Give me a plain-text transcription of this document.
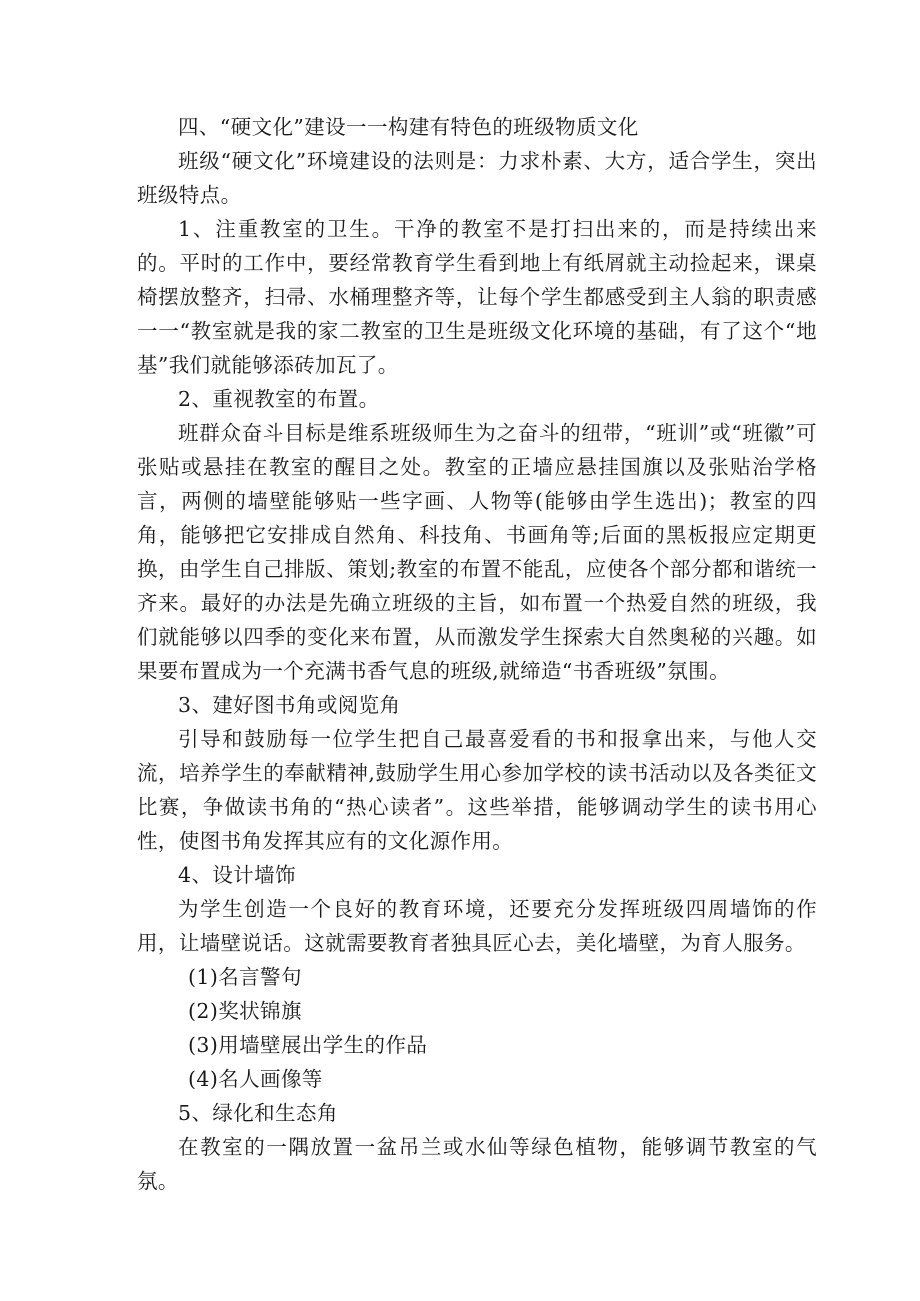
四、“硬文化”建设一一构建有特色的班级物质文化

班级“硬文化”环境建设的法则是：力求朴素、大方，适合学生，突出班级特点。

1、注重教室的卫生。干净的教室不是打扫出来的，而是持续出来的。平时的工作中，要经常教育学生看到地上有纸屑就主动捡起来，课桌椅摆放整齐，扫帚、水桶理整齐等，让每个学生都感受到主人翁的职责感一一“教室就是我的家二教室的卫生是班级文化环境的基础，有了这个“地基”我们就能够添砖加瓦了。

2、重视教室的布置。

班群众奋斗目标是维系班级师生为之奋斗的纽带，“班训”或“班徽”可张贴或悬挂在教室的醒目之处。教室的正墙应悬挂国旗以及张贴治学格言，两侧的墙壁能够贴一些字画、人物等(能够由学生选出)；教室的四角，能够把它安排成自然角、科技角、书画角等;后面的黑板报应定期更换，由学生自己排版、策划;教室的布置不能乱，应使各个部分都和谐统一齐来。最好的办法是先确立班级的主旨，如布置一个热爱自然的班级，我们就能够以四季的变化来布置，从而激发学生探索大自然奥秘的兴趣。如果要布置成为一个充满书香气息的班级,就缔造“书香班级”氛围。

3、建好图书角或阅览角

引导和鼓励每一位学生把自己最喜爱看的书和报拿出来，与他人交流，培养学生的奉献精神,鼓励学生用心参加学校的读书活动以及各类征文比赛，争做读书角的“热心读者”。这些举措，能够调动学生的读书用心性，使图书角发挥其应有的文化源作用。

4、设计墙饰

为学生创造一个良好的教育环境，还要充分发挥班级四周墙饰的作用，让墙壁说话。这就需要教育者独具匠心去，美化墙壁，为育人服务。

(1)名言警句

(2)奖状锦旗

(3)用墙壁展出学生的作品

(4)名人画像等

5、绿化和生态角

在教室的一隅放置一盆吊兰或水仙等绿色植物，能够调节教室的气氛。
